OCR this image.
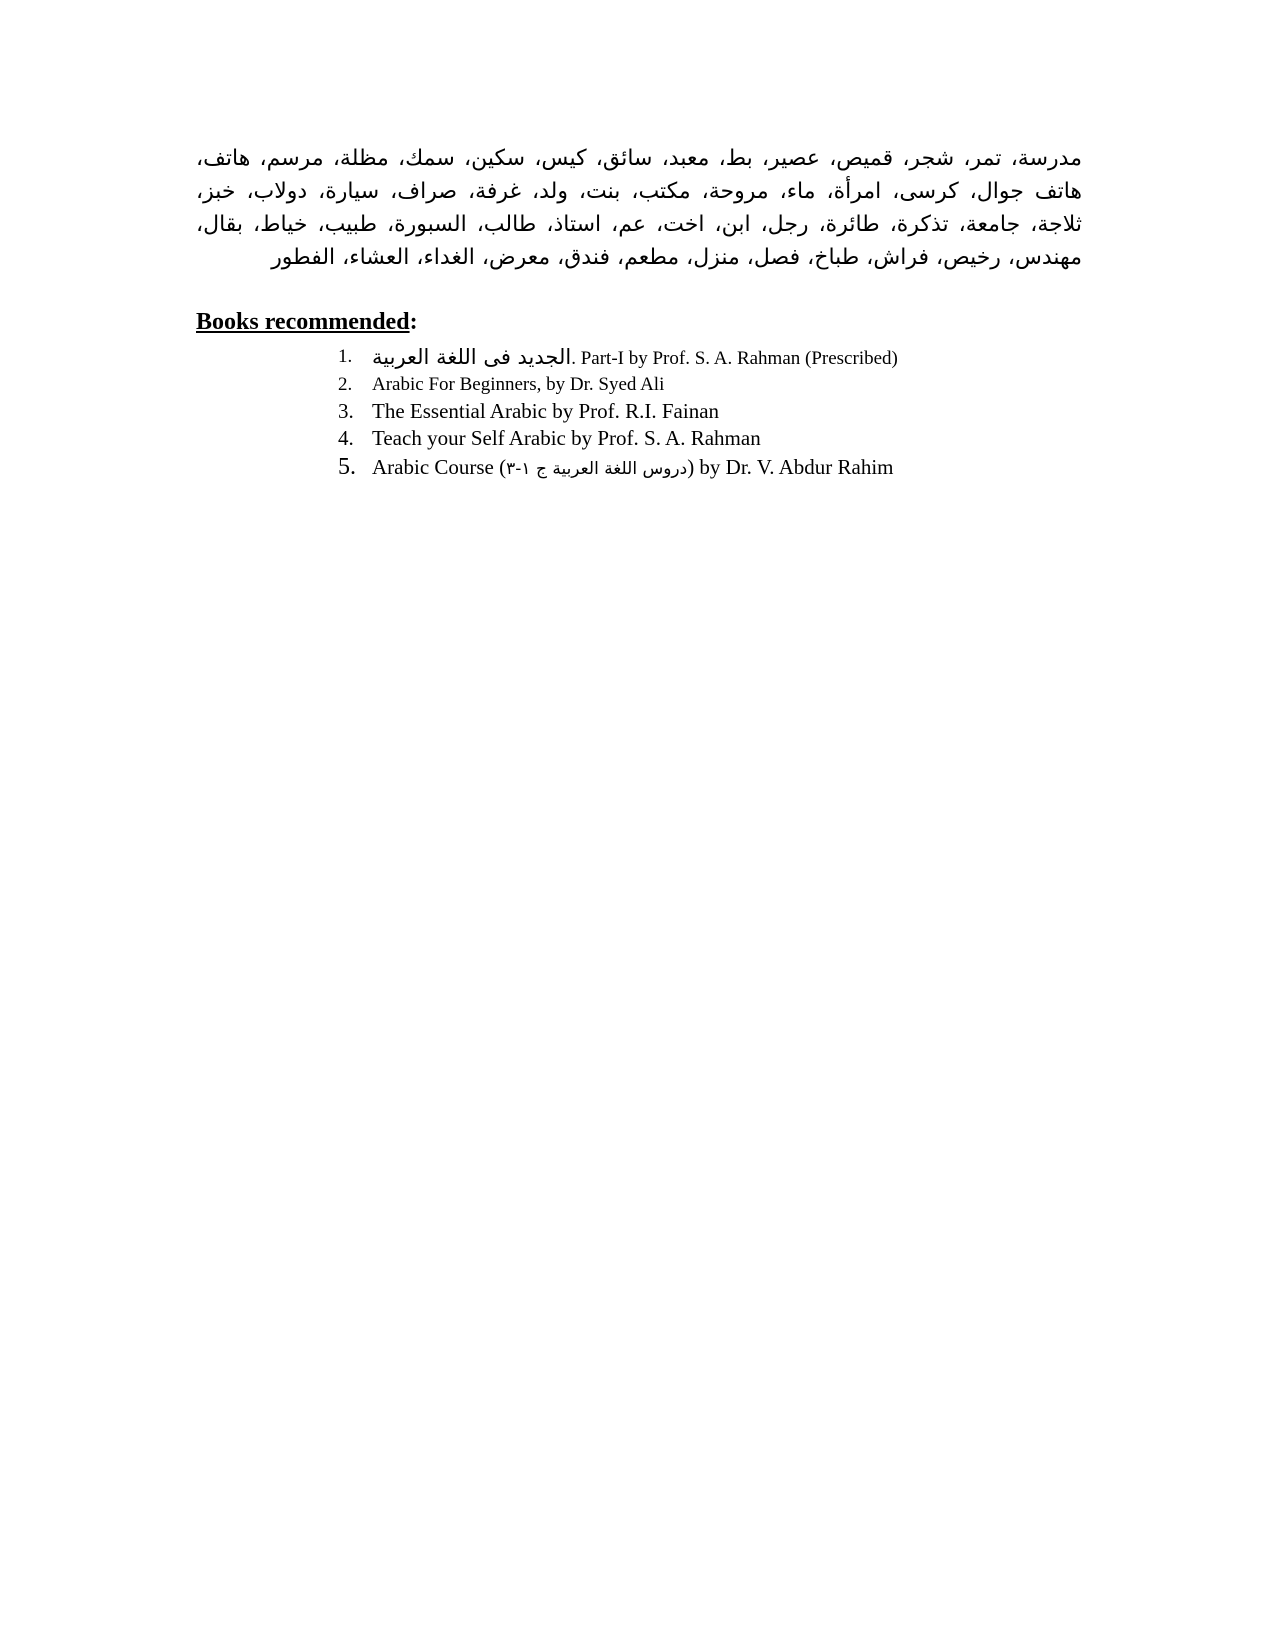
مدرسة، تمر، شجر، قميص، عصير، بط، معبد، سائق، كيس، سكين، سمك، مظلة، مرسم، هاتف،
هاتف جوال، كرسى، امرأة، ماء، مروحة، مكتب، بنت، ولد، غرفة، صراف، سيارة، دولاب، خبز،
ثلاجة، جامعة، تذكرة، طائرة، رجل، ابن، اخت، عم، استاذ، طالب، السبورة، طبيب، خياط، بقال،
مهندس، رخيص، فراش، طباخ، فصل، منزل، مطعم، فندق، معرض، الغداء، العشاء، الفطور
Books recommended:
1. الجديد فى اللغة العربية. Part-I by Prof. S. A. Rahman (Prescribed)
2. Arabic For Beginners, by Dr. Syed Ali
3. The Essential Arabic by Prof. R.I. Fainan
4. Teach your Self Arabic by Prof. S. A. Rahman
5. Arabic Course (دروس اللغة العربية ج ١-٣) by Dr. V. Abdur Rahim
